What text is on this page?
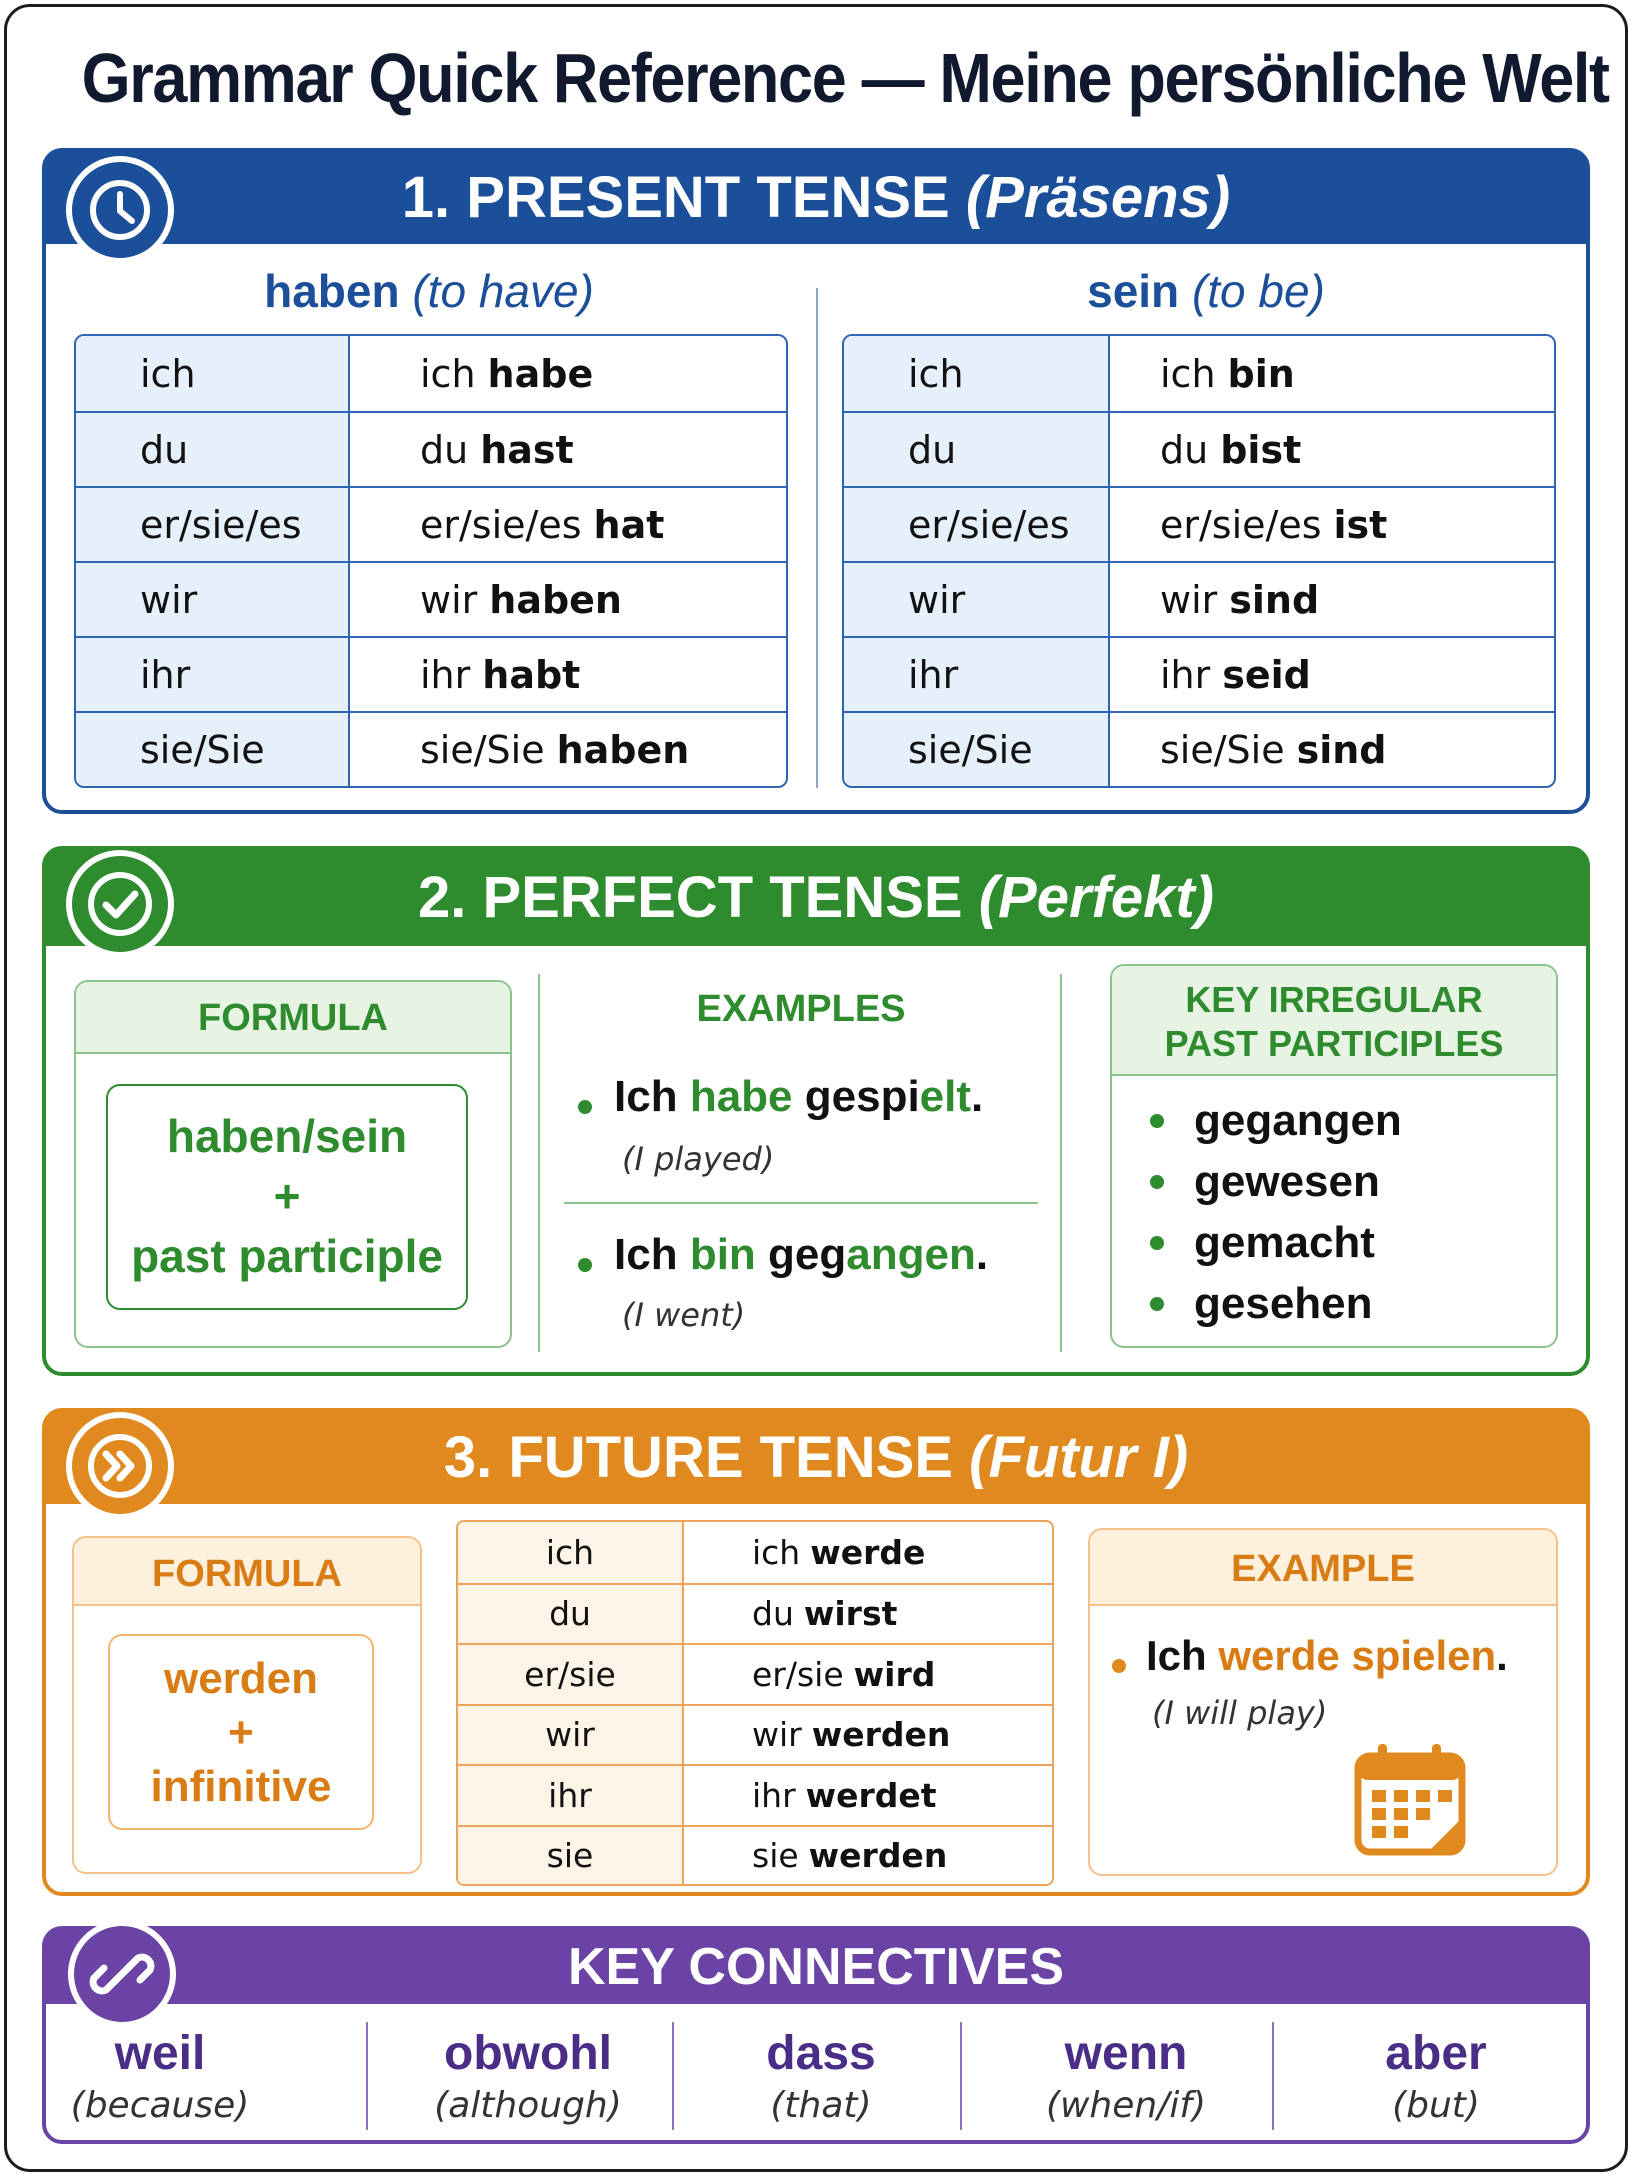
Grammar Quick Reference — Meine persönliche Welt
1. PRESENT TENSE (Präsens)
haben (to have)	sein (to be)
ich	ich habe
du	du hast
er/sie/es	er/sie/es hat
wir	wir haben
ihr	ihr habt
sie/Sie	sie/Sie haben
ich	ich bin
du	du bist
er/sie/es	er/sie/es ist
wir	wir sind
ihr	ihr seid
sie/Sie	sie/Sie sind
2. PERFECT TENSE (Perfekt)
FORMULA
haben/sein
+
past participle
EXAMPLES
Ich habe gespielt.
(I played)
Ich bin gegangen.
(I went)
KEY IRREGULAR
PAST PARTICIPLES
gegangen
gewesen
gemacht
gesehen
3. FUTURE TENSE (Futur I)
FORMULA
werden
+
infinitive
ich	ich werde
du	du wirst
er/sie	er/sie wird
wir	wir werden
ihr	ihr werdet
sie	sie werden
EXAMPLE
Ich werde spielen.
(I will play)
KEY CONNECTIVES
weil
(because)
obwohl
(although)
dass
(that)
wenn
(when/if)
aber
(but)
